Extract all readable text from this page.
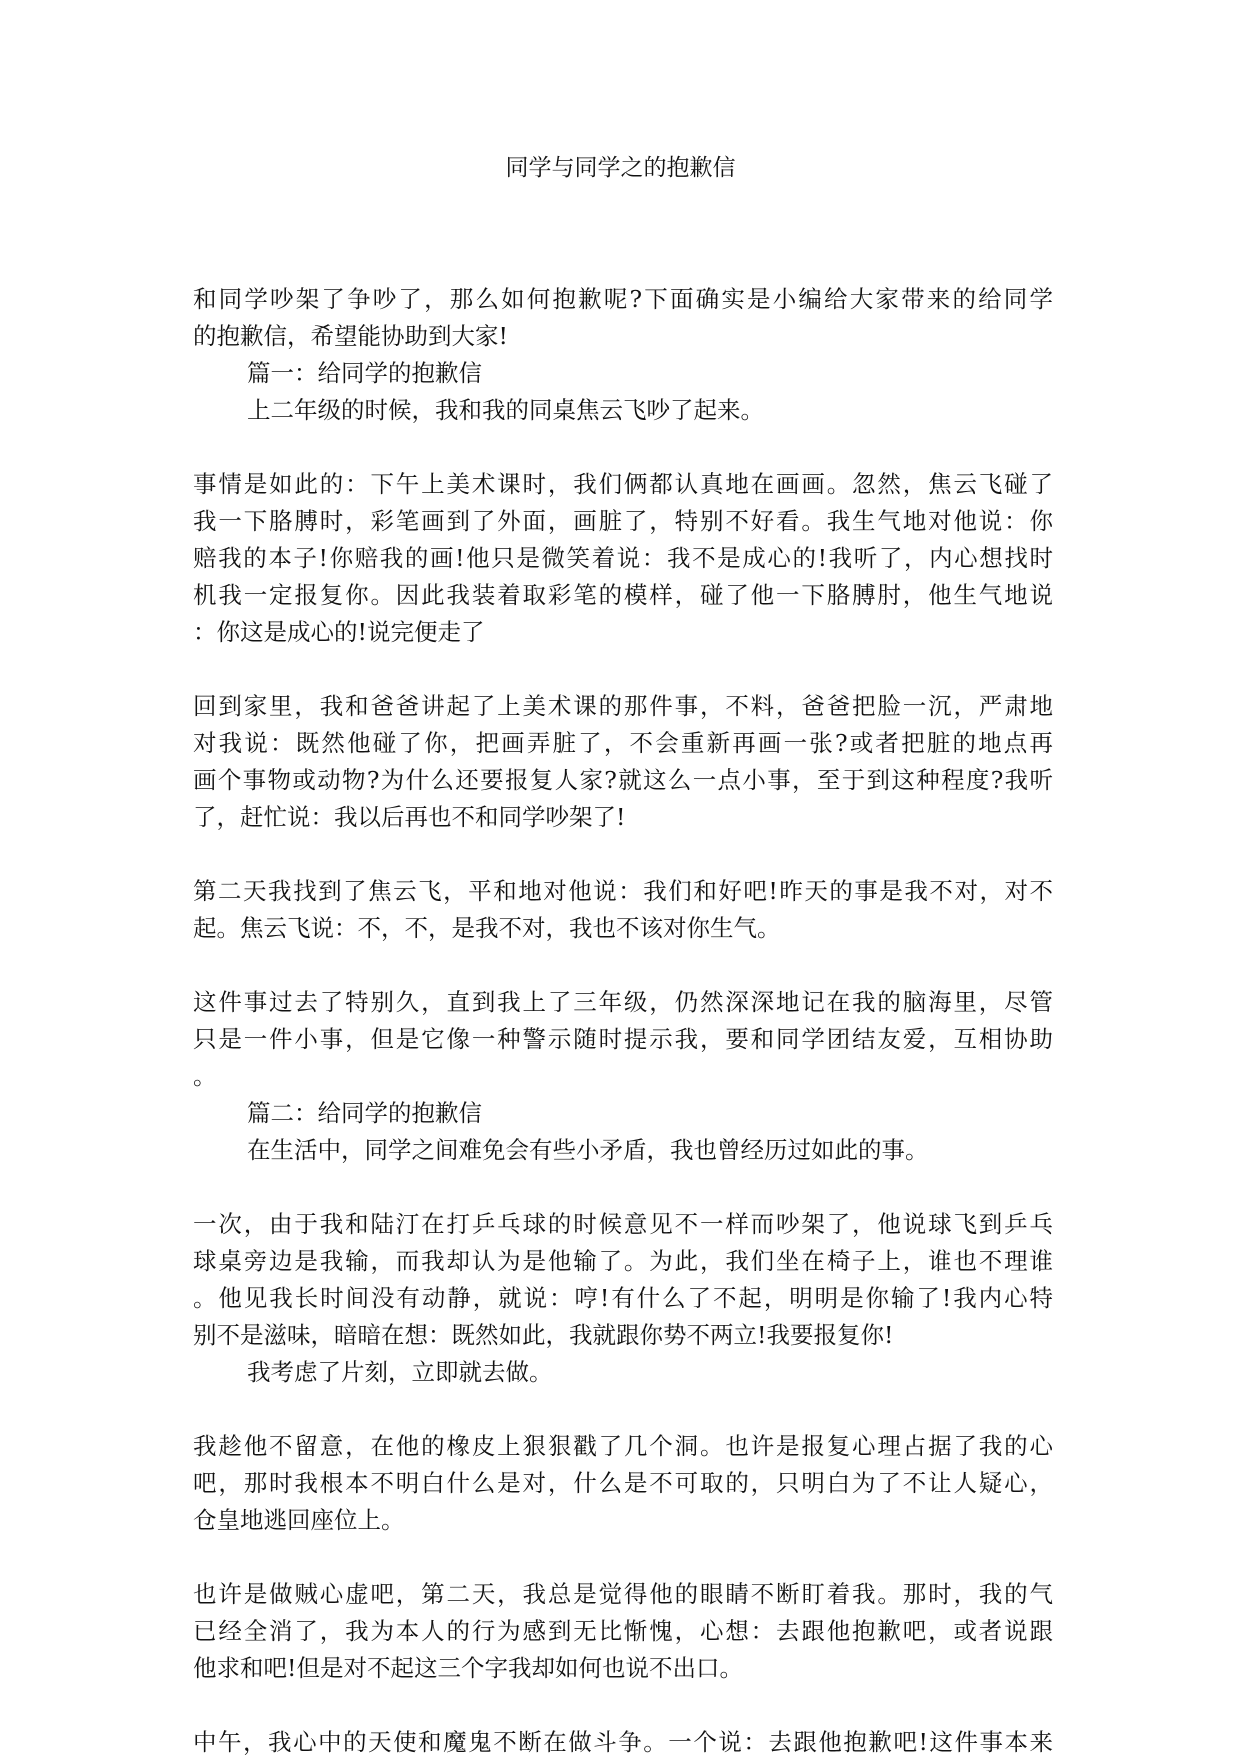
同学与同学之的抱歉信
和同学吵架了争吵了，那么如何抱歉呢?下面确实是小编给大家带来的给同学
的抱歉信，希望能协助到大家!
篇一：给同学的抱歉信
上二年级的时候，我和我的同桌焦云飞吵了起来。
事情是如此的：下午上美术课时，我们俩都认真地在画画。忽然，焦云飞碰了
我一下胳膊时，彩笔画到了外面，画脏了，特别不好看。我生气地对他说：你
赔我的本子!你赔我的画!他只是微笑着说：我不是成心的!我听了，内心想找时
机我一定报复你。因此我装着取彩笔的模样，碰了他一下胳膊肘，他生气地说
：你这是成心的!说完便走了
回到家里，我和爸爸讲起了上美术课的那件事，不料，爸爸把脸一沉，严肃地
对我说：既然他碰了你，把画弄脏了，不会重新再画一张?或者把脏的地点再
画个事物或动物?为什么还要报复人家?就这么一点小事，至于到这种程度?我听
了，赶忙说：我以后再也不和同学吵架了!
第二天我找到了焦云飞，平和地对他说：我们和好吧!昨天的事是我不对，对不
起。焦云飞说：不，不，是我不对，我也不该对你生气。
这件事过去了特别久，直到我上了三年级，仍然深深地记在我的脑海里，尽管
只是一件小事，但是它像一种警示随时提示我，要和同学团结友爱，互相协助
。
篇二：给同学的抱歉信
在生活中，同学之间难免会有些小矛盾，我也曾经历过如此的事。
一次，由于我和陆汀在打乒乓球的时候意见不一样而吵架了，他说球飞到乒乓
球桌旁边是我输，而我却认为是他输了。为此，我们坐在椅子上，谁也不理谁
。他见我长时间没有动静，就说：哼!有什么了不起，明明是你输了!我内心特
别不是滋味，暗暗在想：既然如此，我就跟你势不两立!我要报复你!
我考虑了片刻，立即就去做。
我趁他不留意，在他的橡皮上狠狠戳了几个洞。也许是报复心理占据了我的心
吧，那时我根本不明白什么是对，什么是不可取的，只明白为了不让人疑心，
仓皇地逃回座位上。
也许是做贼心虚吧，第二天，我总是觉得他的眼睛不断盯着我。那时，我的气
已经全消了，我为本人的行为感到无比惭愧，心想：去跟他抱歉吧，或者说跟
他求和吧!但是对不起这三个字我却如何也说不出口。
中午，我心中的天使和魔鬼不断在做斗争。一个说：去跟他抱歉吧!这件事本来
